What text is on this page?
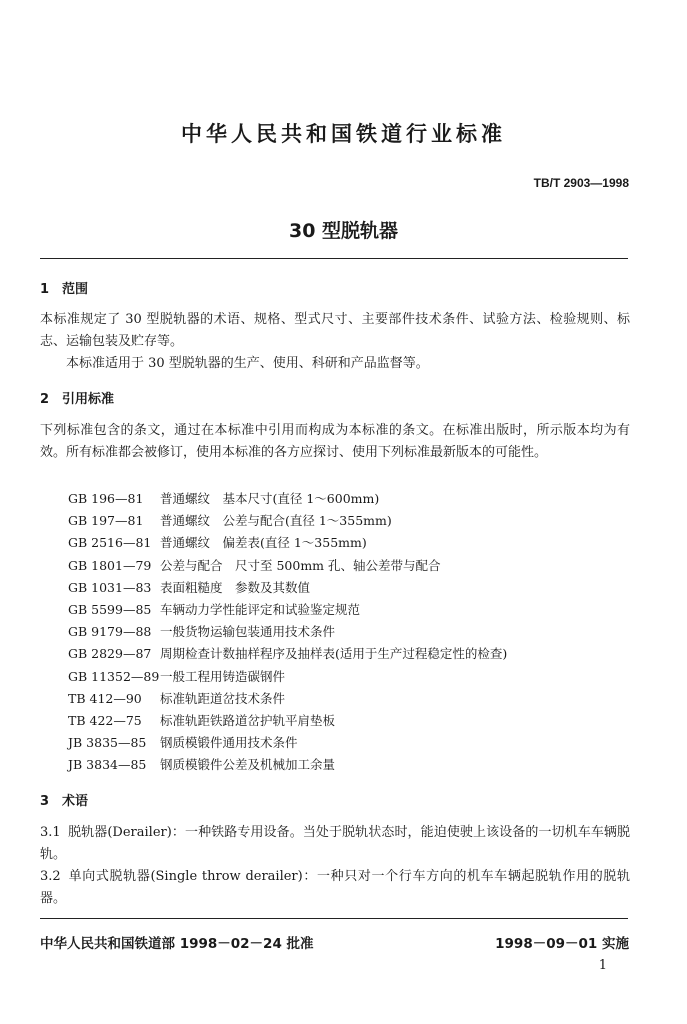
中华人民共和国铁道行业标准
TB/T 2903—1998
30 型脱轨器
1 范围
本标准规定了 30 型脱轨器的术语、规格、型式尺寸、主要部件技术条件、试验方法、检验规则、标志、运输包装及贮存等。
本标准适用于 30 型脱轨器的生产、使用、科研和产品监督等。
2 引用标准
下列标准包含的条文，通过在本标准中引用而构成为本标准的条文。在标准出版时，所示版本均为有效。所有标准都会被修订，使用本标准的各方应探讨、使用下列标准最新版本的可能性。
GB 196—81 普通螺纹　基本尺寸(直径 1～600mm)
GB 197—81 普通螺纹　公差与配合(直径 1～355mm)
GB 2516—81 普通螺纹　偏差表(直径 1～355mm)
GB 1801—79 公差与配合　尺寸至 500mm 孔、轴公差带与配合
GB 1031—83 表面粗糙度　参数及其数值
GB 5599—85 车辆动力学性能评定和试验鉴定规范
GB 9179—88 一般货物运输包装通用技术条件
GB 2829—87 周期检查计数抽样程序及抽样表(适用于生产过程稳定性的检查)
GB 11352—89一般工程用铸造碳钢件
TB 412—90 标准轨距道岔技术条件
TB 422—75 标准轨距铁路道岔护轨平肩垫板
JB 3835—85 钢质模锻件通用技术条件
JB 3834—85 钢质模锻件公差及机械加工余量
3 术语
3.1 脱轨器(Derailer)：一种铁路专用设备。当处于脱轨状态时，能迫使驶上该设备的一切机车车辆脱轨。
3.2 单向式脱轨器(Single throw derailer)：一种只对一个行车方向的机车车辆起脱轨作用的脱轨器。
中华人民共和国铁道部 1998－02－24 批准	1998－09－01 实施
1
